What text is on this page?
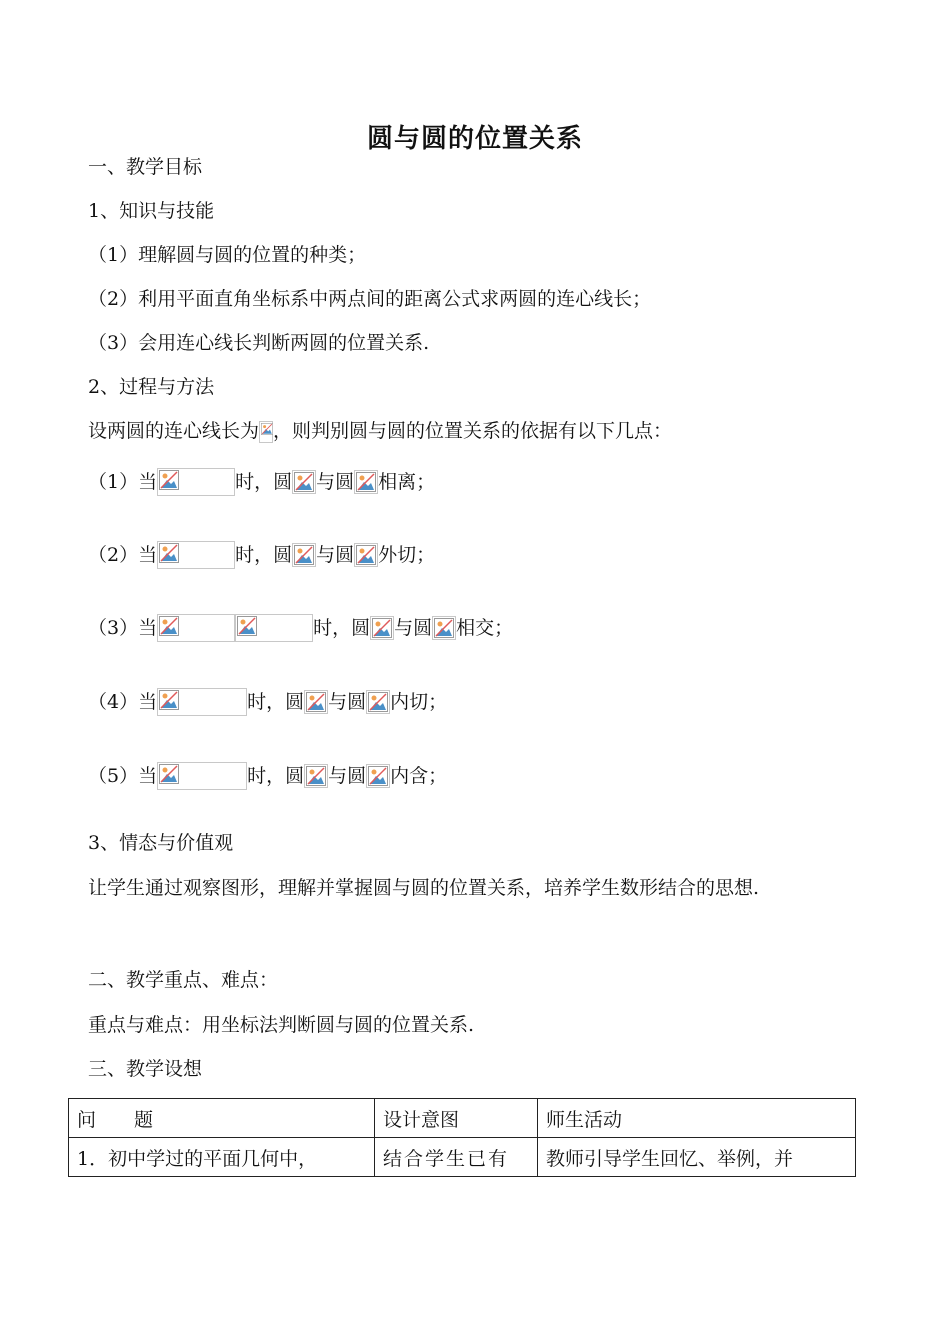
圆与圆的位置关系
一、教学目标
1、知识与技能
（1）理解圆与圆的位置的种类；
（2）利用平面直角坐标系中两点间的距离公式求两圆的连心线长；
（3）会用连心线长判断两圆的位置关系.
2、过程与方法
设两圆的连心线长为 ，则判别圆与圆的位置关系的依据有以下几点：
（1）当	时，圆 与圆 相离；
（2）当	时，圆 与圆 外切；
（3）当	时，圆 与圆 相交；
（4）当	时，圆 与圆 内切；
（5）当	时，圆 与圆 内含；
3、情态与价值观
让学生通过观察图形，理解并掌握圆与圆的位置关系，培养学生数形结合的思想.
二、教学重点、难点：
重点与难点：用坐标法判断圆与圆的位置关系.
三、教学设想
问　　题	设计意图	师生活动
1．初中学过的平面几何中，	结合学生已有	教师引导学生回忆、举例，并
